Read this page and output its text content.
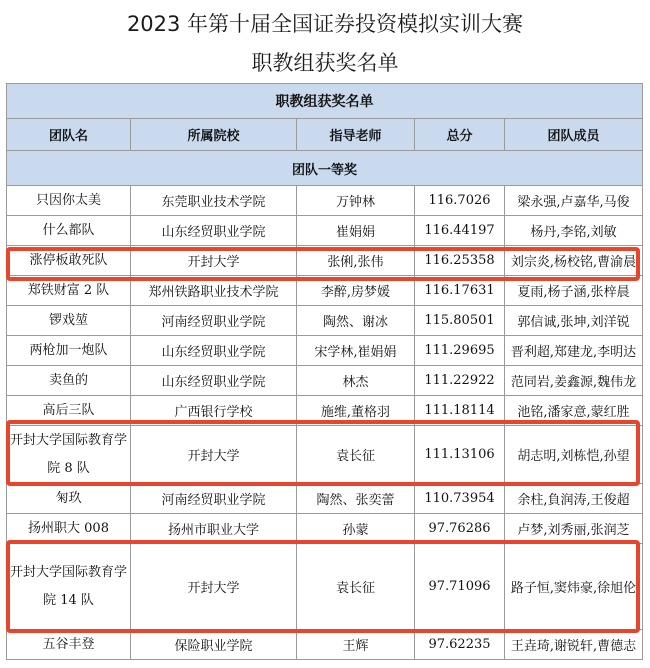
2023 年第十届全国证券投资模拟实训大赛
职教组获奖名单
职教组获奖名单				
团队名	所属院校	指导老师	总分	团队成员
团队一等奖				
只因你太美	东莞职业技术学院	万钟林	116.7026	梁永强,卢嘉华,马俊
什么都队	山东经贸职业学院	崔娟娟	116.44197	杨丹,李铭,刘敏
涨停板敢死队	开封大学	张俐,张伟	116.25358	刘宗炎,杨校铭,曹渝晨
郑铁财富 2 队	郑州铁路职业技术学院	李醉,房梦媛	116.17631	夏雨,杨子涵,张梓晨
锣戏堃	河南经贸职业学院	陶然、谢冰	115.80501	郭信诚,张坤,刘洋锐
两枪加一炮队	山东经贸职业学院	宋学林,崔娟娟	111.29695	晋利超,郑建龙,李明达
卖鱼的	山东经贸职业学院	林杰	111.22922	范同岩,姜鑫源,魏伟龙
高后三队	广西银行学校	施维,董格羽	111.18114	池铭,潘家意,蒙红胜
开封大学国际教育学院 8 队	开封大学	袁长征	111.13106	胡志明,刘栋恺,孙望
匊玖	河南经贸职业学院	陶然、张奕蕾	110.73954	余柱,負润涛,王俊超
扬州职大 008	扬州市职业大学	孙蒙	97.76286	卢梦,刘秀丽,张润芝
开封大学国际教育学院 14 队	开封大学	袁长征	97.71096	路子恒,窦炜豪,徐旭伦
五谷丰登	保险职业学院	王辉	97.62235	王垚琦,谢锐轩,曹德志
